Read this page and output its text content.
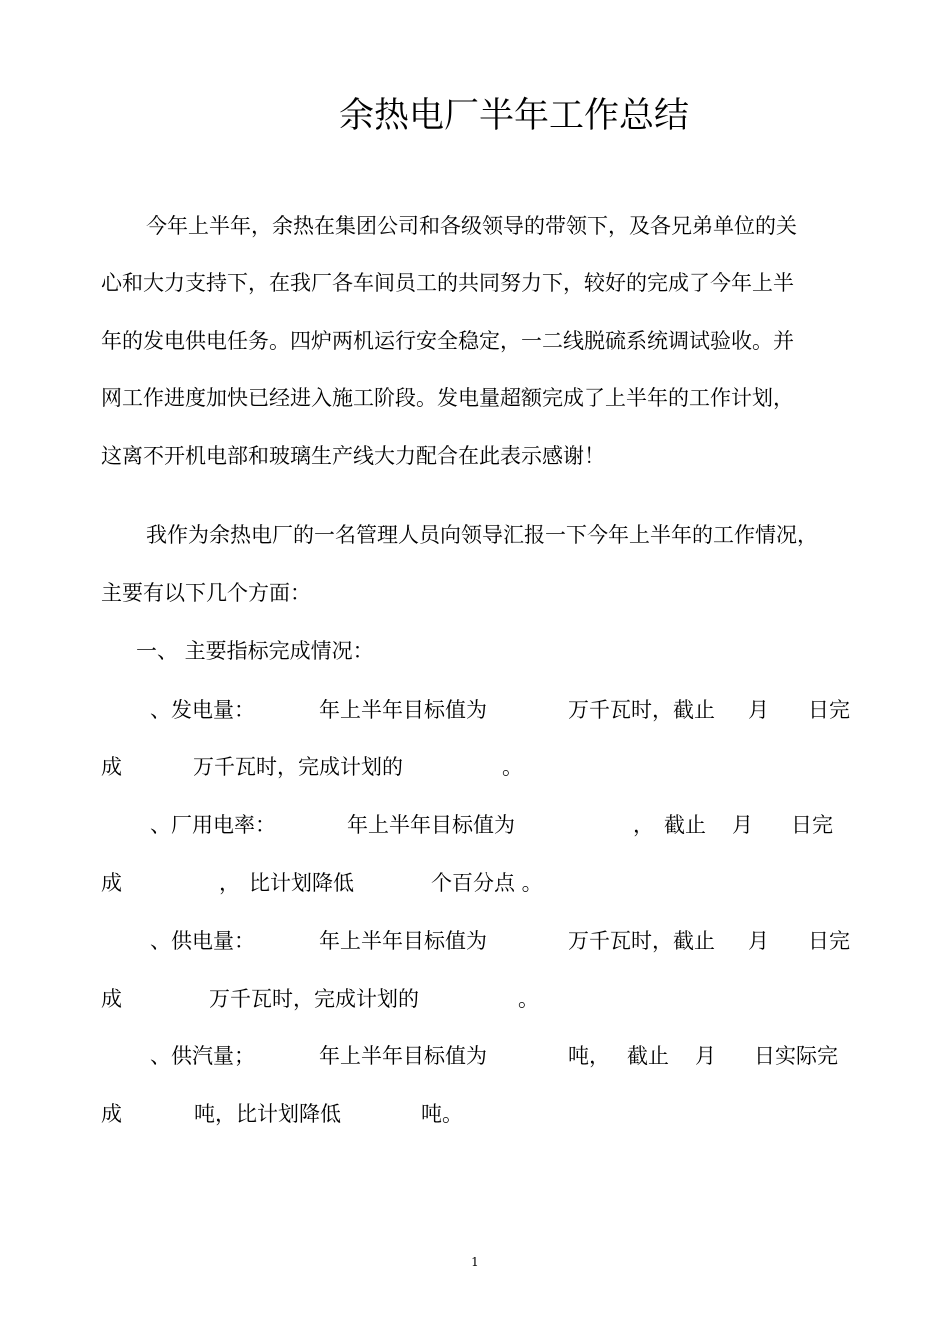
余热电厂半年工作总结
今年上半年，余热在集团公司和各级领导的带领下，及各兄弟单位的关
心和大力支持下，在我厂各车间员工的共同努力下，较好的完成了今年上半
年的发电供电任务。四炉两机运行安全稳定，一二线脱硫系统调试验收。并
网工作进度加快已经进入施工阶段。发电量超额完成了上半年的工作计划，
这离不开机电部和玻璃生产线大力配合在此表示感谢！
我作为余热电厂的一名管理人员向领导汇报一下今年上半年的工作情况，
主要有以下几个方面：
一、 主要指标完成情况：
、发电量：	年上半年目标值为	万千瓦时，截止 月 日完
成	万千瓦时，完成计划的	。
、厂用电率：	年上半年目标值为	， 截止 月 日完
成	， 比计划降低	个百分点 。
、供电量：	年上半年目标值为	万千瓦时，截止 月 日完
成	万千瓦时，完成计划的	。
、供汽量；	年上半年目标值为	吨， 截止 月 日实际完
成	吨，比计划降低	吨。
1
